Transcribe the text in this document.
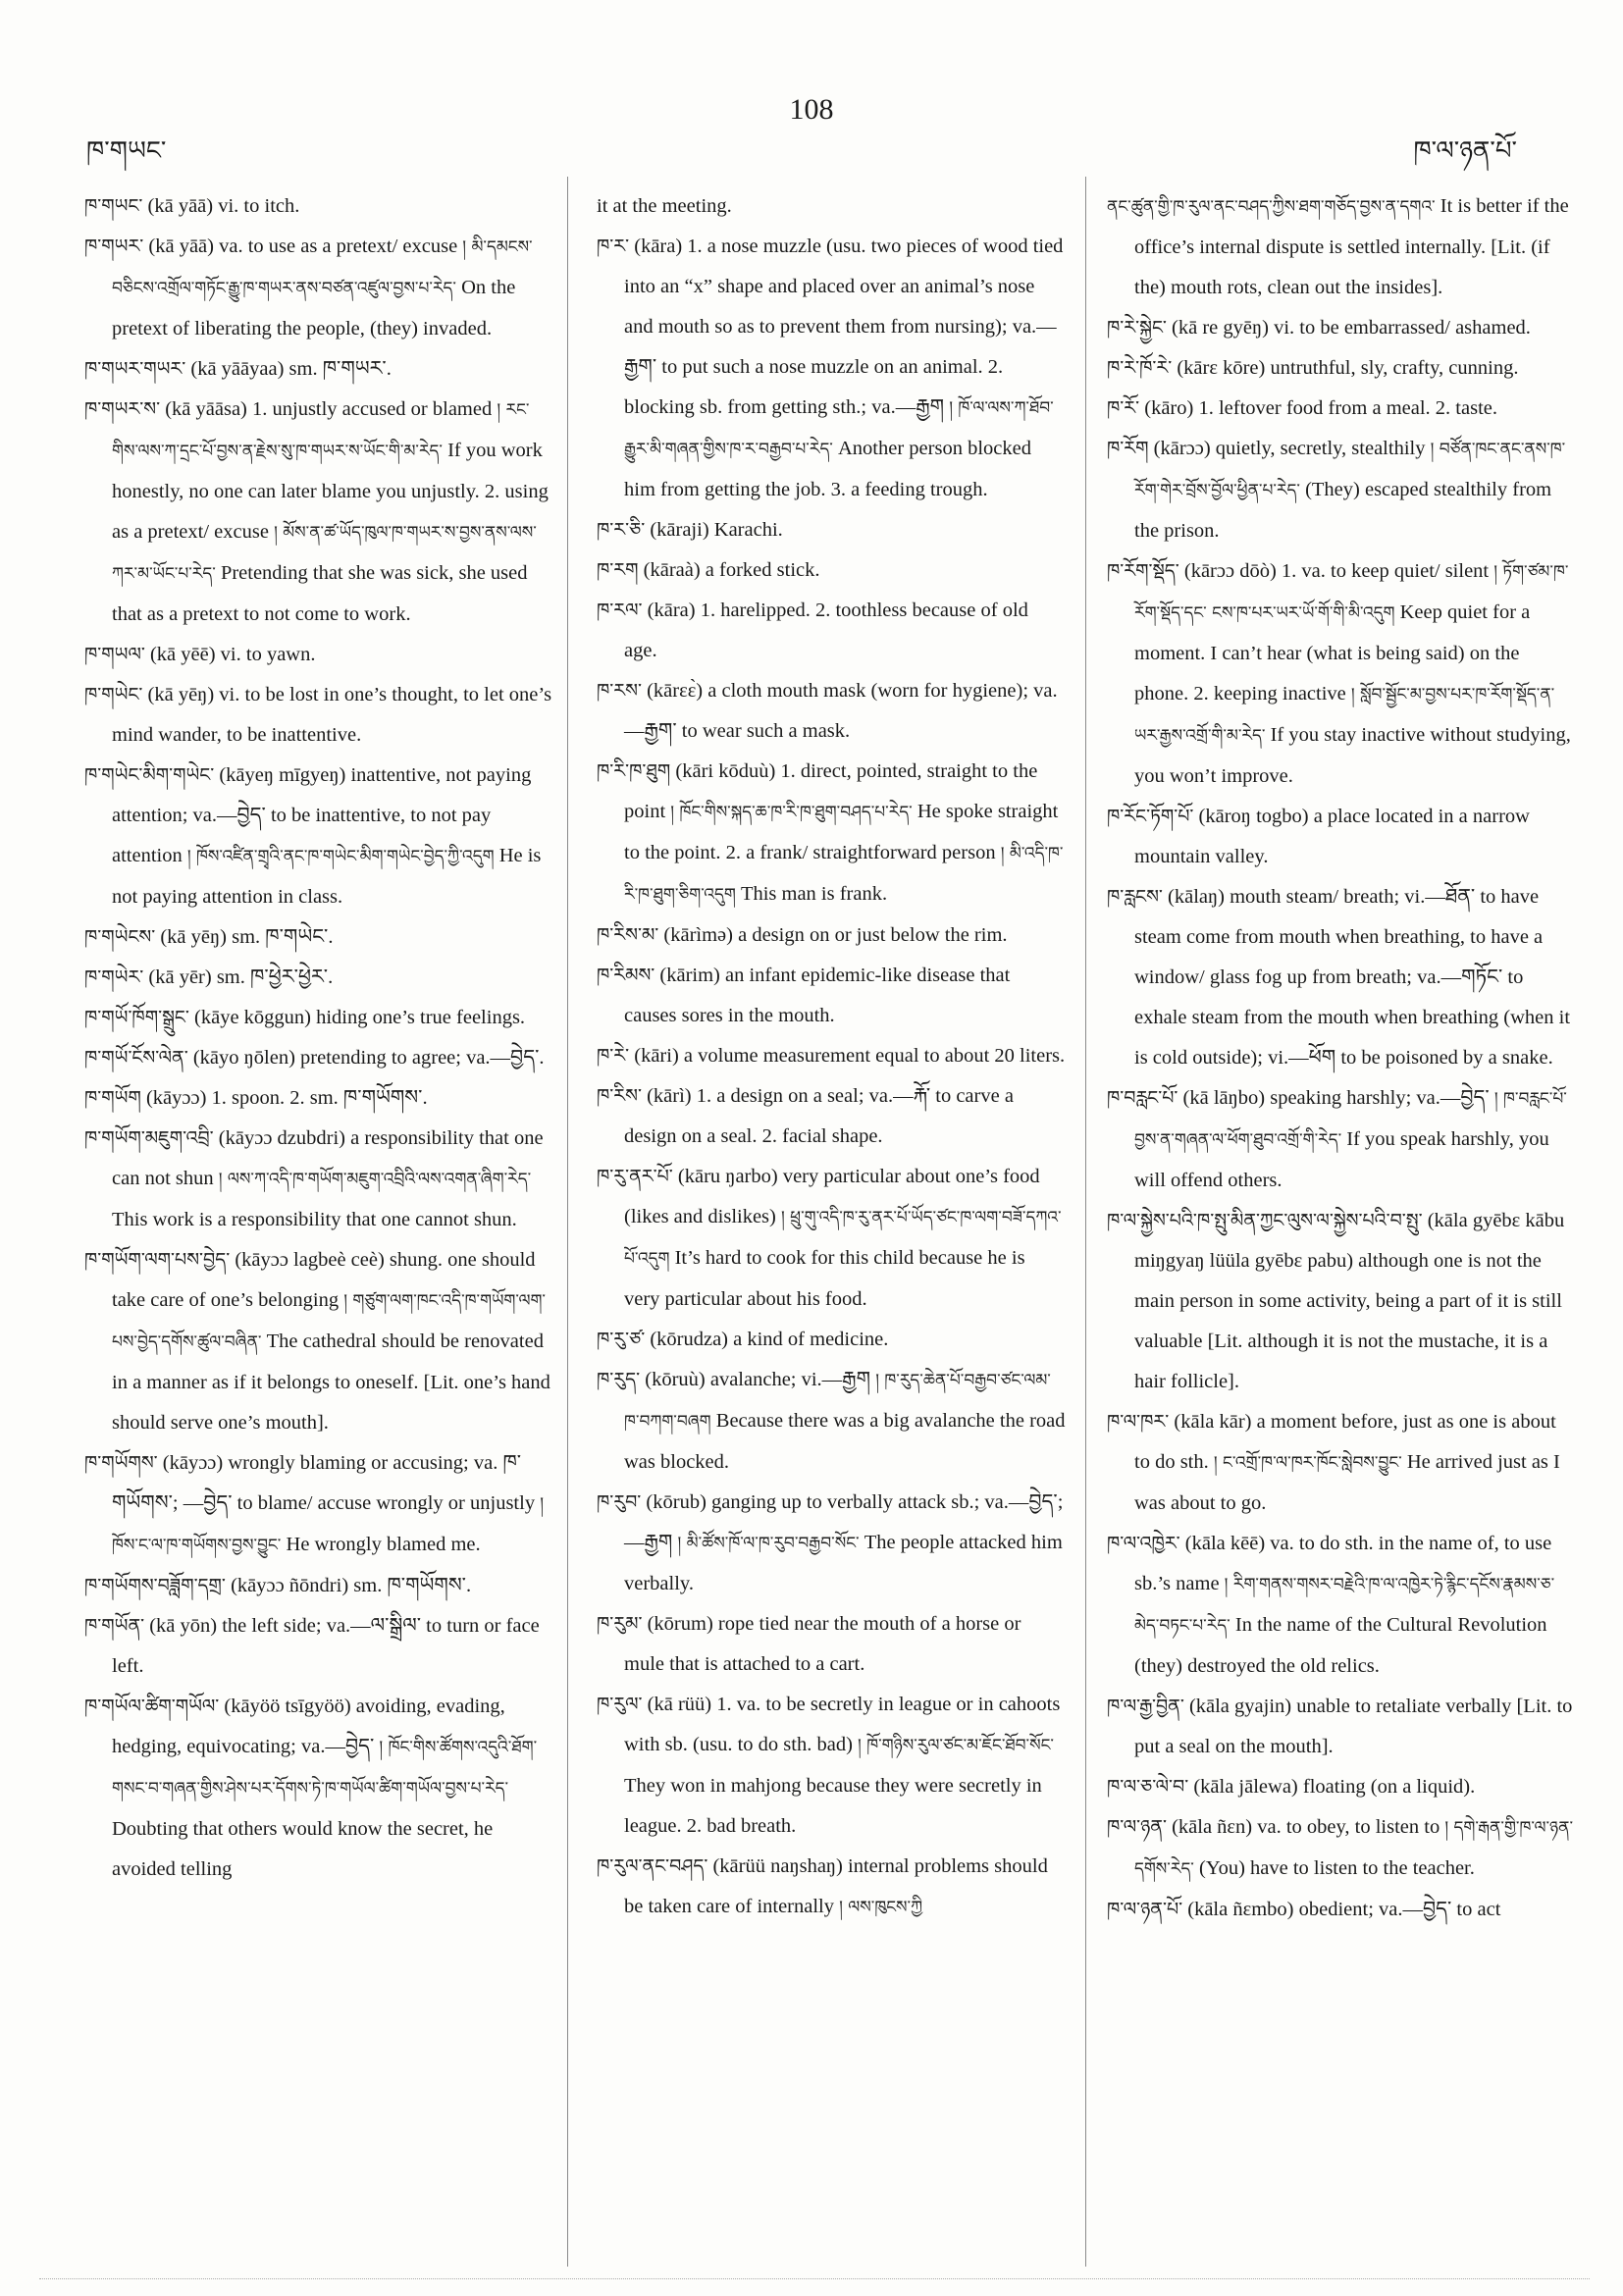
ཁ་གཡང་
108
ཁ་ལ་ཉན་པོ་

ཁ་གཡང་ (kā yāā) vi. to itch.

ཁ་གཡར་ (kā yāā) va. to use as a pretext/ excuse ། མི་དམངས་བཅིངས་འགྲོལ་གཏོང་རྒྱུ་ཁ་གཡར་ནས་བཙན་འཛུལ་བྱས་པ་རེད་ On the pretext of liberating the people, (they) invaded.

ཁ་གཡར་གཡར་ (kā yāāyaa) sm. ཁ་གཡར་.

ཁ་གཡར་ས་ (kā yāāsa) 1. unjustly accused or blamed ། རང་གིས་ལས་ཀ་དྲང་པོ་བྱས་ན་རྗེས་སུ་ཁ་གཡར་ས་ཡོང་གི་མ་རེད་ If you work honestly, no one can later blame you unjustly. 2. using as a pretext/ excuse ། མོས་ན་ཚ་ཡོད་ཁུལ་ཁ་གཡར་ས་བྱས་ནས་ལས་ཀར་མ་ཡོང་པ་རེད་ Pretending that she was sick, she used that as a pretext to not come to work.

ཁ་གཡལ་ (kā yēē) vi. to yawn.

ཁ་གཡེང་ (kā yēŋ) vi. to be lost in one’s thought, to let one’s mind wander, to be inattentive.

ཁ་གཡེང་མིག་གཡེང་ (kāyeŋ mīgyeŋ) inattentive, not paying attention; va.—བྱེད་ to be inattentive, to not pay attention ། ཁོས་འཛིན་གྲྭའི་ནང་ཁ་གཡེང་མིག་གཡེང་བྱེད་ཀྱི་འདུག He is not paying attention in class.

ཁ་གཡེངས་ (kā yēŋ) sm. ཁ་གཡེང་.

ཁ་གཡེར་ (kā yēr) sm. ཁ་ཕྱེར་ཕྱེར་.

ཁ་གཡོ་ཁོག་སྒྲུང་ (kāye kōggun) hiding one’s true feelings.

ཁ་གཡོ་ངོས་ལེན་ (kāyo ŋōlen) pretending to agree; va.—བྱེད་.

ཁ་གཡོག (kāyɔɔ) 1. spoon. 2. sm. ཁ་གཡོགས་.

ཁ་གཡོག་མཇུག་འབྲི་ (kāyɔɔ dzubdri) a responsibility that one can not shun ། ལས་ཀ་འདི་ཁ་གཡོག་མཇུག་འབྲིའི་ལས་འགན་ཞིག་རེད་ This work is a responsibility that one cannot shun.

ཁ་གཡོག་ལག་པས་བྱེད་ (kāyɔɔ lagbeè ceè) shung. one should take care of one’s belonging ། གཙུག་ལག་ཁང་འདི་ཁ་གཡོག་ལག་པས་བྱེད་དགོས་ཚུལ་བཞིན་ The cathedral should be renovated in a manner as if it belongs to oneself. [Lit. one’s hand should serve one’s mouth].

ཁ་གཡོགས་ (kāyɔɔ) wrongly blaming or accusing; va. ཁ་གཡོགས་; —བྱེད་ to blame/ accuse wrongly or unjustly ། ཁོས་ང་ལ་ཁ་གཡོགས་བྱས་བྱུང་ He wrongly blamed me.

ཁ་གཡོགས་བཟློག་དགྲ་ (kāyɔɔ ñōndri) sm. ཁ་གཡོགས་.

ཁ་གཡོན་ (kā yōn) the left side; va.—ལ་སྒྲིལ་ to turn or face left.

ཁ་གཡོལ་ཚིག་གཡོལ་ (kāyöö tsīgyöö) avoiding, evading, hedging, equivocating; va.—བྱེད་ ། ཁོང་གིས་ཚོགས་འདུའི་ཐོག་གསང་བ་གཞན་གྱིས་ཤེས་པར་དོགས་ཏེ་ཁ་གཡོལ་ཚིག་གཡོལ་བྱས་པ་རེད་ Doubting that others would know the secret, he avoided telling

it at the meeting.

ཁ་ར་ (kāra) 1. a nose muzzle (usu. two pieces of wood tied into an “x” shape and placed over an animal’s nose and mouth so as to prevent them from nursing); va.—རྒྱག་ to put such a nose muzzle on an animal. 2. blocking sb. from getting sth.; va.—རྒྱག ། ཁོ་ལ་ལས་ཀ་ཐོབ་རྒྱུར་མི་གཞན་གྱིས་ཁ་ར་བརྒྱབ་པ་རེད་ Another person blocked him from getting the job. 3. a feeding trough.

ཁ་ར་ཅི་ (kāraji) Karachi.

ཁ་རག (kāraà) a forked stick.

ཁ་རལ་ (kāra) 1. harelipped. 2. toothless because of old age.

ཁ་རས་ (kārɛɛ̀) a cloth mouth mask (worn for hygiene); va.—རྒྱག་ to wear such a mask.

ཁ་རི་ཁ་ཐུག (kāri kōduù) 1. direct, pointed, straight to the point ། ཁོང་གིས་སྐད་ཆ་ཁ་རི་ཁ་ཐུག་བཤད་པ་རེད་ He spoke straight to the point. 2. a frank/ straightforward person ། མི་འདི་ཁ་རི་ཁ་ཐུག་ཅིག་འདུག This man is frank.

ཁ་རིས་མ་ (kārìmə) a design on or just below the rim.

ཁ་རིམས་ (kārim) an infant epidemic-like disease that causes sores in the mouth.

ཁ་རེ་ (kāri) a volume measurement equal to about 20 liters.

ཁ་རིས་ (kārì) 1. a design on a seal; va.—རྐོ་ to carve a design on a seal. 2. facial shape.

ཁ་རུ་ནར་པོ་ (kāru ŋarbo) very particular about one’s food (likes and dislikes) ། ཕྲུ་གུ་འདི་ཁ་རུ་ནར་པོ་ཡོད་ཙང་ཁ་ལག་བཟོ་དཀའ་པོ་འདུག It’s hard to cook for this child because he is very particular about his food.

ཁ་རུ་ཙ་ (kōrudza) a kind of medicine.

ཁ་རུད་ (kōruù) avalanche; vi.—རྒྱག ། ཁ་རུད་ཆེན་པོ་བརྒྱབ་ཙང་ལམ་ཁ་བཀག་བཞག Because there was a big avalanche the road was blocked.

ཁ་རུབ་ (kōrub) ganging up to verbally attack sb.; va.—བྱེད་; —རྒྱག ། མི་ཚོས་ཁོ་ལ་ཁ་རུབ་བརྒྱབ་སོང་ The people attacked him verbally.

ཁ་རུམ་ (kōrum) rope tied near the mouth of a horse or mule that is attached to a cart.

ཁ་རུལ་ (kā rüü) 1. va. to be secretly in league or in cahoots with sb. (usu. to do sth. bad) ། ཁོ་གཉིས་རུལ་ཙང་མ་ཇོང་ཐོབ་སོང་ They won in mahjong because they were secretly in league. 2. bad breath.

ཁ་རུལ་ནང་བཤད་ (kārüü naŋshaŋ) internal problems should be taken care of internally ། ལས་ཁུངས་ཀྱི

ནང་ཚུན་གྱི་ཁ་རུལ་ནང་བཤད་ཀྱིས་ཐག་གཅོད་བྱས་ན་དགའ་ It is better if the office’s internal dispute is settled internally. [Lit. (if the) mouth rots, clean out the insides].

ཁ་རེ་སྐྱེང་ (kā re gyēŋ) vi. to be embarrassed/ ashamed.

ཁ་རེ་ཁོ་རེ་ (kārɛ kōre) untruthful, sly, crafty, cunning.

ཁ་རོ་ (kāro) 1. leftover food from a meal. 2. taste.

ཁ་རོག (kārɔɔ) quietly, secretly, stealthily ། བཙོན་ཁང་ནང་ནས་ཁ་རོག་གེར་བྲོས་བྱོལ་ཕྱིན་པ་རེད་ (They) escaped stealthily from the prison.

ཁ་རོག་སྡོད་ (kārɔɔ dōò) 1. va. to keep quiet/ silent ། ཏོག་ཙམ་ཁ་རོག་སྡོད་དང་ ངས་ཁ་པར་ཡར་ཡོ་གོ་གི་མི་འདུག Keep quiet for a moment. I can’t hear (what is being said) on the phone. 2. keeping inactive ། སློབ་སྦྱོང་མ་བྱས་པར་ཁ་རོག་སྡོད་ན་ཡར་རྒྱས་འགྲོ་གི་མ་རེད་ If you stay inactive without studying, you won’t improve.

ཁ་རོང་ཏོག་པོ་ (kāroŋ togbo) a place located in a narrow mountain valley.

ཁ་རླངས་ (kālaŋ) mouth steam/ breath; vi.—ཐོན་ to have steam come from mouth when breathing, to have a window/ glass fog up from breath; va.—གཏོང་ to exhale steam from the mouth when breathing (when it is cold outside); vi.—ཕོག to be poisoned by a snake.

ཁ་བརླང་པོ་ (kā lāŋbo) speaking harshly; va.—བྱེད་ ། ཁ་བརླང་པོ་བྱས་ན་གཞན་ལ་ཕོག་ཐུབ་འགྲོ་གི་རེད་ If you speak harshly, you will offend others.

ཁ་ལ་སྐྱེས་པའི་ཁ་སྤུ་མིན་ཀྱང་ལུས་ལ་སྐྱེས་པའི་བ་སྤུ་ (kāla gyēbɛ kābu miŋgyaŋ lüüla gyēbɛ pabu) although one is not the main person in some activity, being a part of it is still valuable [Lit. although it is not the mustache, it is a hair follicle].

ཁ་ལ་ཁར་ (kāla kār) a moment before, just as one is about to do sth. ། ང་འགྲོ་ཁ་ལ་ཁར་ཁོང་སླེབས་བྱུང་ He arrived just as I was about to go.

ཁ་ལ་འཁྱེར་ (kāla kēē) va. to do sth. in the name of, to use sb.’s name ། རིག་གནས་གསར་བརྗེའི་ཁ་ལ་འཁྱེར་ཏེ་རྙིང་དངོས་རྣམས་ཅ་མེད་བཏང་པ་རེད་ In the name of the Cultural Revolution (they) destroyed the old relics.

ཁ་ལ་རྒྱ་བྱིན་ (kāla gyajin) unable to retaliate verbally [Lit. to put a seal on the mouth].

ཁ་ལ་ཅ་ལེ་བ་ (kāla jālewa) floating (on a liquid).

ཁ་ལ་ཉན་ (kāla ñɛn) va. to obey, to listen to ། དགེ་རྒན་གྱི་ཁ་ལ་ཉན་དགོས་རེད་ (You) have to listen to the teacher.

ཁ་ལ་ཉན་པོ་ (kāla ñɛmbo) obedient; va.—བྱེད་ to act
